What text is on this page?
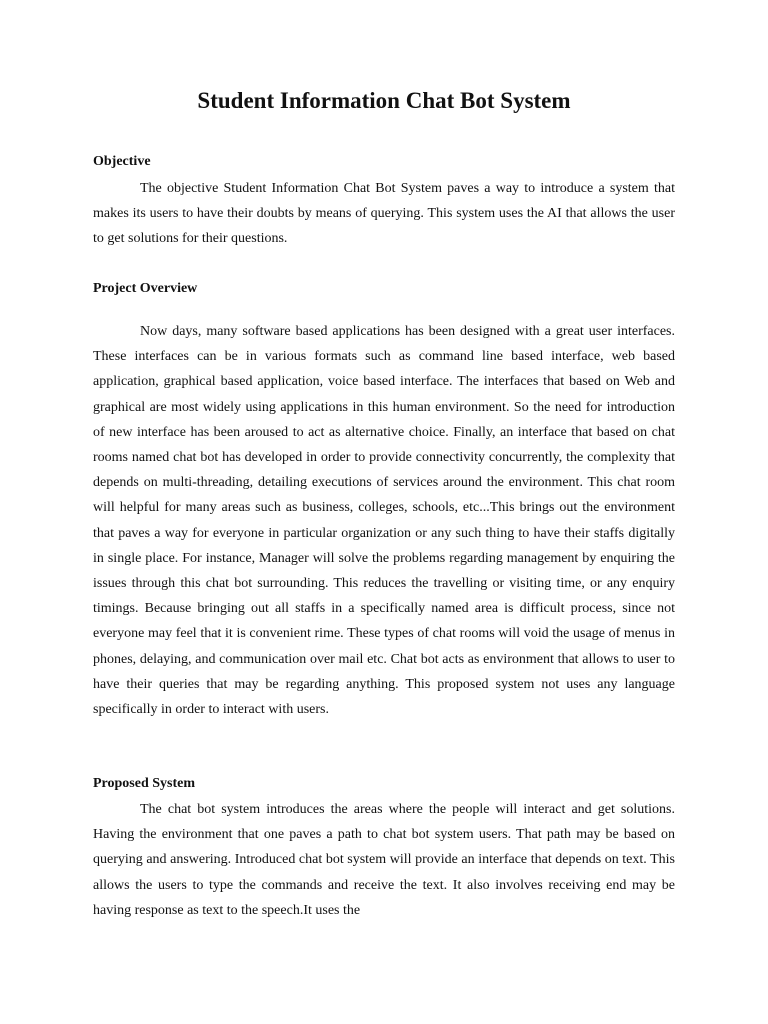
Student Information Chat Bot System
Objective

The objective Student Information Chat Bot System paves a way to introduce a system that makes its users to have their doubts by means of querying. This system uses the AI that allows the user to get solutions for their questions.

Project Overview

Now days, many software based applications has been designed with a great user interfaces. These interfaces can be in various formats such as command line based interface, web based application, graphical based application, voice based interface. The interfaces that based on Web and graphical are most widely using applications in this human environment. So the need for introduction of new interface has been aroused to act as alternative choice. Finally, an interface that based on chat rooms named chat bot has developed in order to provide connectivity concurrently, the complexity that depends on multi-threading, detailing executions of services around the environment. This chat room will helpful for many areas such as business, colleges, schools, etc...This brings out the environment that paves a way for everyone in particular organization or any such thing to have their staffs digitally in single place. For instance, Manager will solve the problems regarding management by enquiring the issues through this chat bot surrounding. This reduces the travelling or visiting time, or any enquiry timings. Because bringing out all staffs in a specifically named area is difficult process, since not everyone may feel that it is convenient rime. These types of chat rooms will void the usage of menus in phones, delaying, and communication over mail etc. Chat bot acts as environment that allows to user to have their queries that may be regarding anything. This proposed system not uses any language specifically in order to interact with users.

Proposed System

The chat bot system introduces the areas where the people will interact and get solutions. Having the environment that one paves a path to chat bot system users. That path may be based on querying and answering. Introduced chat bot system will provide an interface that depends on text. This allows the users to type the commands and receive the text. It also involves receiving end may be having response as text to the speech.It uses the
